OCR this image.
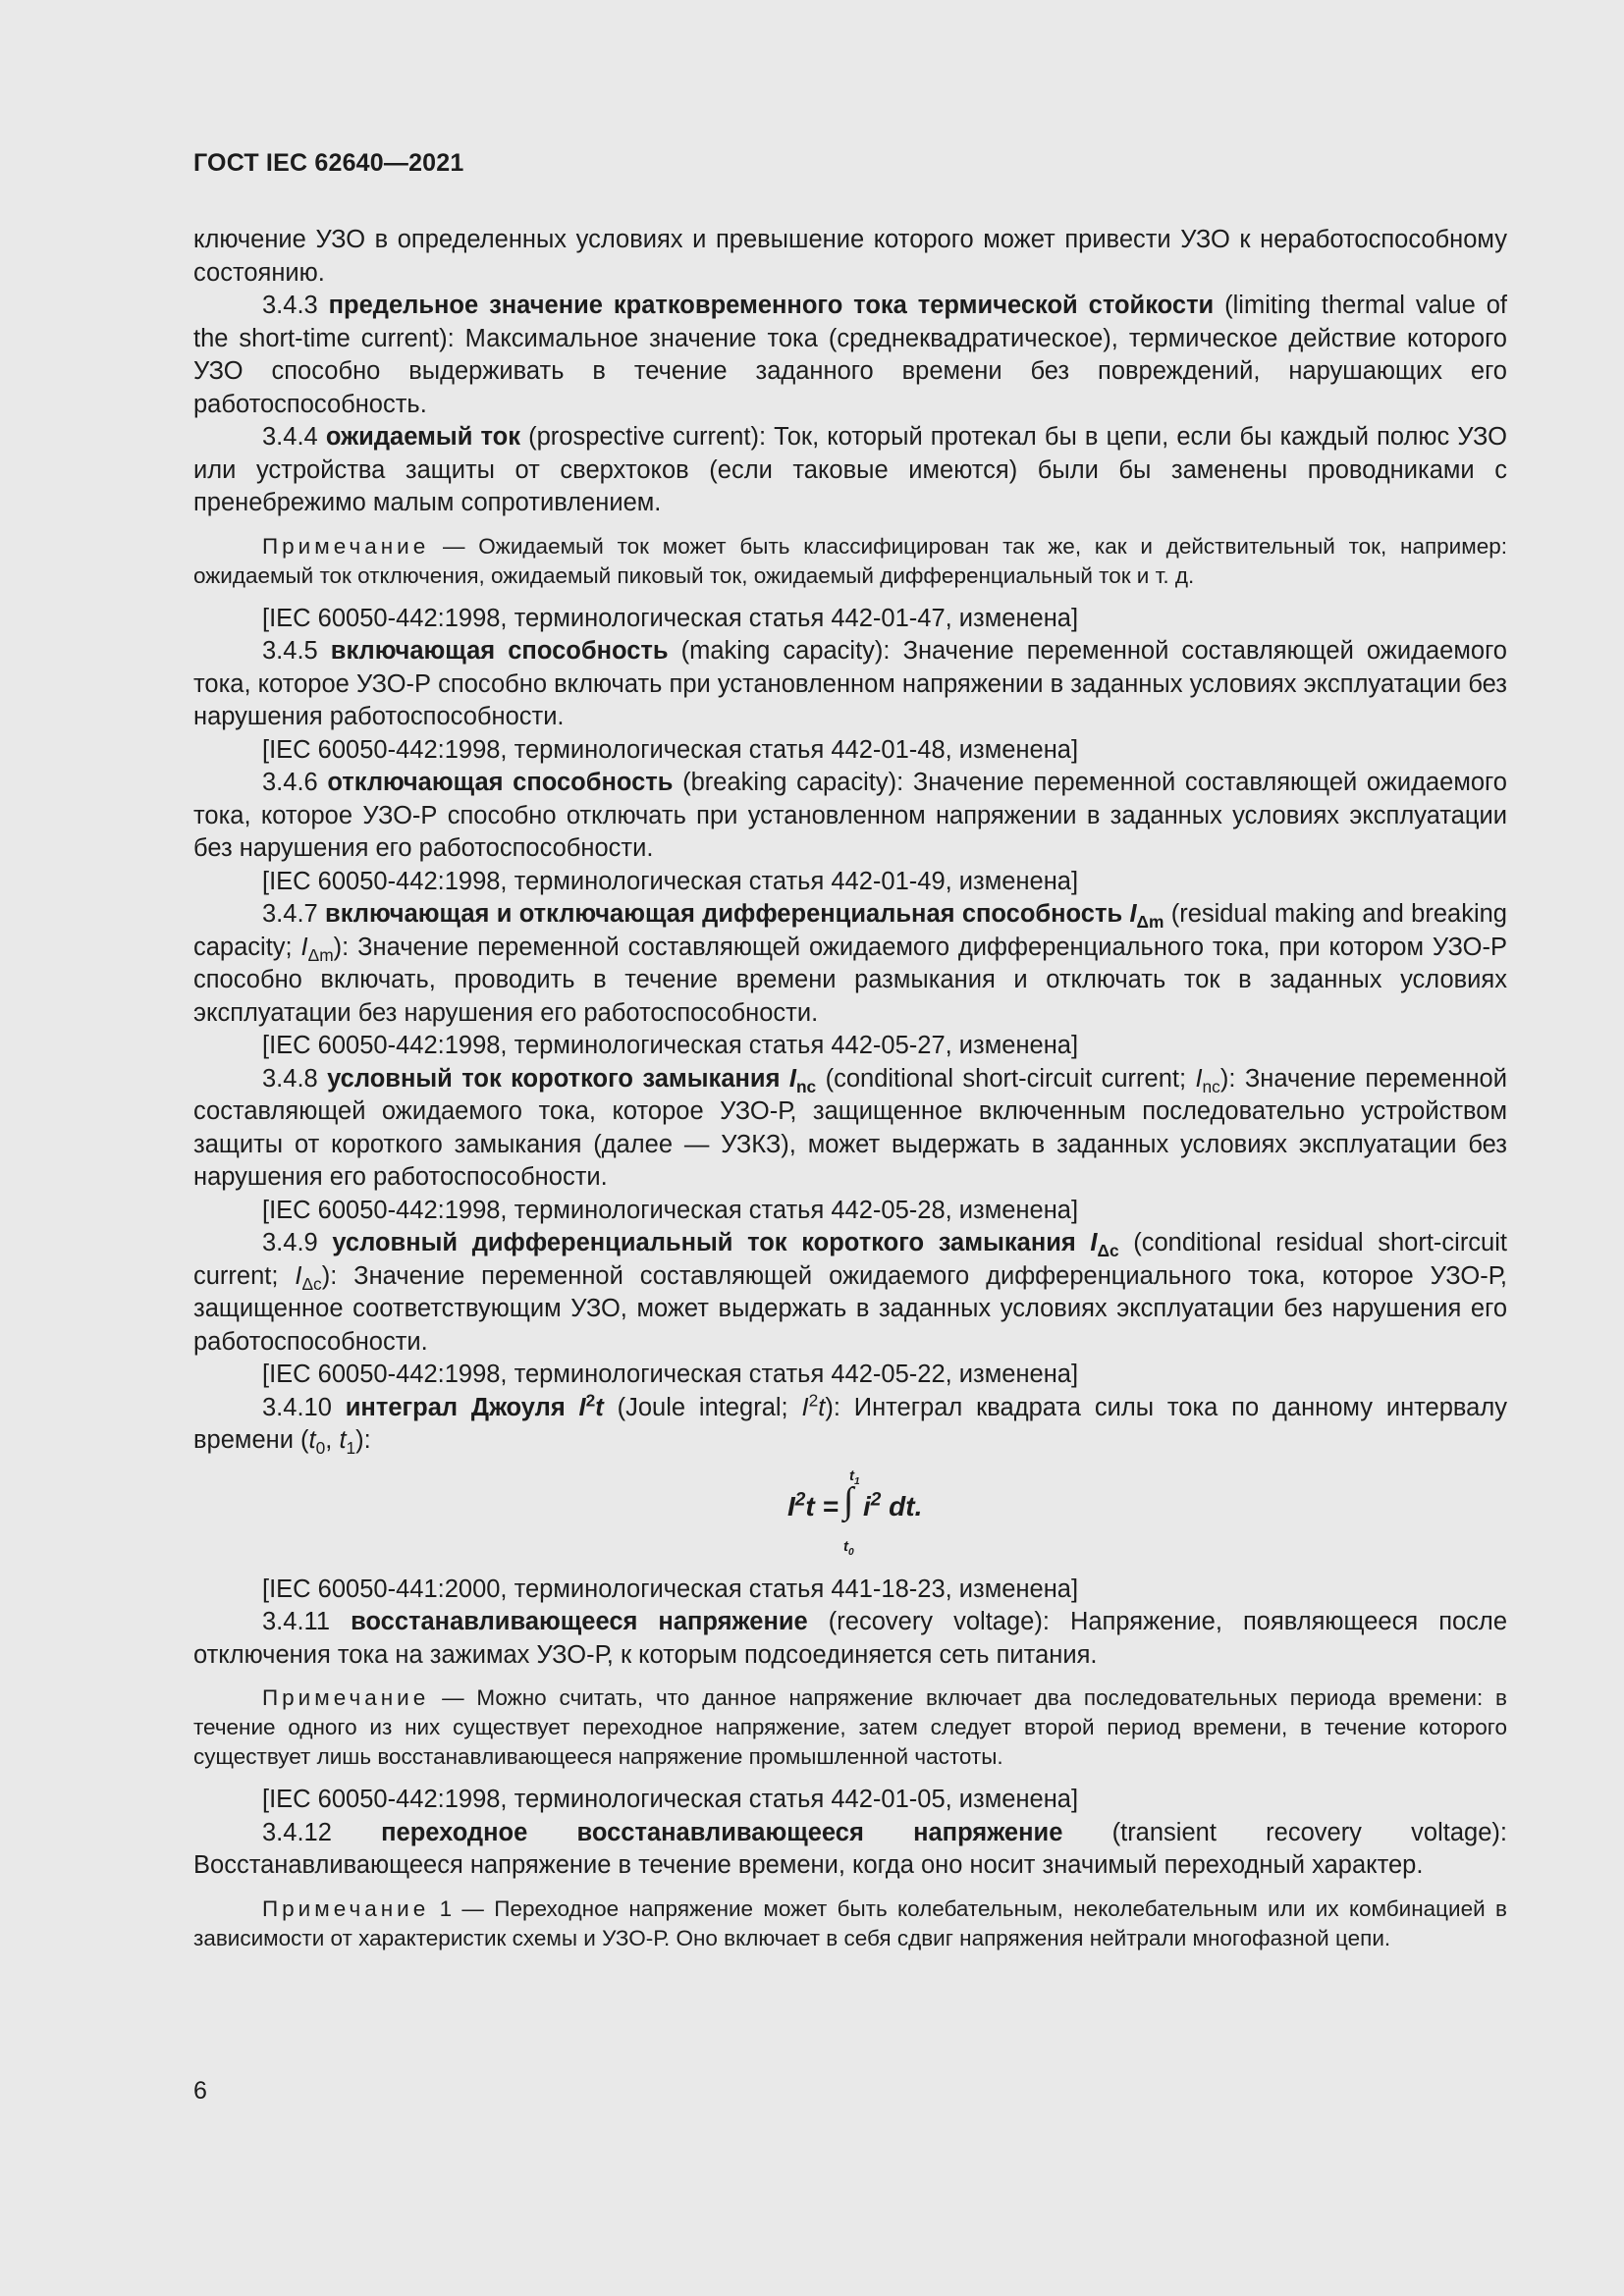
ГОСТ IEC 62640—2021

ключение УЗО в определенных условиях и превышение которого может привести УЗО к неработоспособному состоянию.

3.4.3 предельное значение кратковременного тока термической стойкости (limiting thermal value of the short-time current): Максимальное значение тока (среднеквадратическое), термическое действие которого УЗО способно выдерживать в течение заданного времени без повреждений, нарушающих его работоспособность.

3.4.4 ожидаемый ток (prospective current): Ток, который протекал бы в цепи, если бы каждый полюс УЗО или устройства защиты от сверхтоков (если таковые имеются) были бы заменены проводниками с пренебрежимо малым сопротивлением.

Примечание — Ожидаемый ток может быть классифицирован так же, как и действительный ток, например: ожидаемый ток отключения, ожидаемый пиковый ток, ожидаемый дифференциальный ток и т. д.

[IEC 60050-442:1998, терминологическая статья 442-01-47, изменена]

3.4.5 включающая способность (making capacity): Значение переменной составляющей ожидаемого тока, которое УЗО-Р способно включать при установленном напряжении в заданных условиях эксплуатации без нарушения работоспособности.

[IEC 60050-442:1998, терминологическая статья 442-01-48, изменена]

3.4.6 отключающая способность (breaking capacity): Значение переменной составляющей ожидаемого тока, которое УЗО-Р способно отключать при установленном напряжении в заданных условиях эксплуатации без нарушения его работоспособности.

[IEC 60050-442:1998, терминологическая статья 442-01-49, изменена]

3.4.7 включающая и отключающая дифференциальная способность $I_{\Delta m}$ (residual making and breaking capacity; $I_{\Delta m}$): Значение переменной составляющей ожидаемого дифференциального тока, при котором УЗО-Р способно включать, проводить в течение времени размыкания и отключать ток в заданных условиях эксплуатации без нарушения его работоспособности.

[IEC 60050-442:1998, терминологическая статья 442-05-27, изменена]

3.4.8 условный ток короткого замыкания $I_{nc}$ (conditional short-circuit current; $I_{nc}$): Значение переменной составляющей ожидаемого тока, которое УЗО-Р, защищенное включенным последовательно устройством защиты от короткого замыкания (далее — УЗКЗ), может выдержать в заданных условиях эксплуатации без нарушения его работоспособности.

[IEC 60050-442:1998, терминологическая статья 442-05-28, изменена]

3.4.9 условный дифференциальный ток короткого замыкания $I_{\Delta c}$ (conditional residual short-circuit current; $I_{\Delta c}$): Значение переменной составляющей ожидаемого дифференциального тока, которое УЗО-Р, защищенное соответствующим УЗО, может выдержать в заданных условиях эксплуатации без нарушения его работоспособности.

[IEC 60050-442:1998, терминологическая статья 442-05-22, изменена]

3.4.10 интеграл Джоуля $I^2t$ (Joule integral; $I^2t$): Интеграл квадрата силы тока по данному интервалу времени ($t_0$, $t_1$):

$I^2t$ =
$t_1$
∫
$t_0$
$i^2$ dt.

[IEC 60050-441:2000, терминологическая статья 441-18-23, изменена]

3.4.11 восстанавливающееся напряжение (recovery voltage): Напряжение, появляющееся после отключения тока на зажимах УЗО-Р, к которым подсоединяется сеть питания.

Примечание — Можно считать, что данное напряжение включает два последовательных периода времени: в течение одного из них существует переходное напряжение, затем следует второй период времени, в течение которого существует лишь восстанавливающееся напряжение промышленной частоты.

[IEC 60050-442:1998, терминологическая статья 442-01-05, изменена]

3.4.12 переходное восстанавливающееся напряжение (transient recovery voltage): Восстанавливающееся напряжение в течение времени, когда оно носит значимый переходный характер.

Примечание 1 — Переходное напряжение может быть колебательным, неколебательным или их комбинацией в зависимости от характеристик схемы и УЗО-Р. Оно включает в себя сдвиг напряжения нейтрали многофазной цепи.

6
